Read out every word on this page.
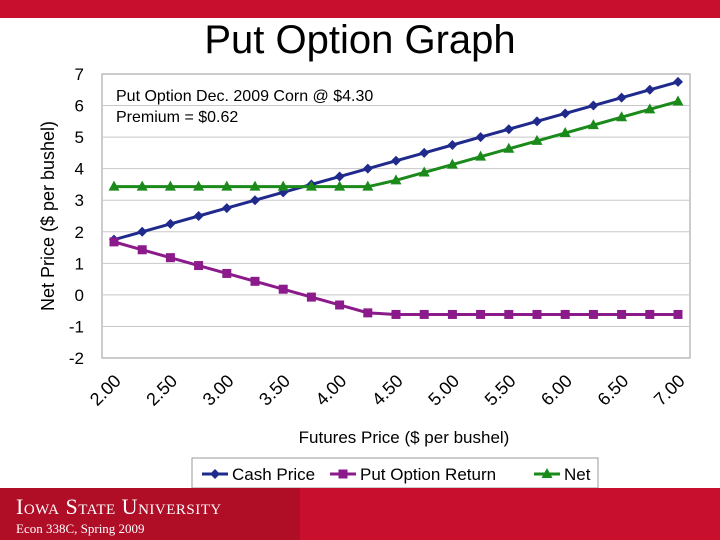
Put Option Graph
-2
-1
0
1
2
3
4
5
6
7
2.00 2.50 3.00 3.50 4.00 4.50 5.00 5.50 6.00 6.50 7.00
Futures Price ($ per bushel)
Net Price ($ per bushel)
Put Option Dec. 2009 Corn @ $4.30
Premium = $0.62
Cash Price	Put Option Return	Net
Iowa State University
Econ 338C, Spring 2009
